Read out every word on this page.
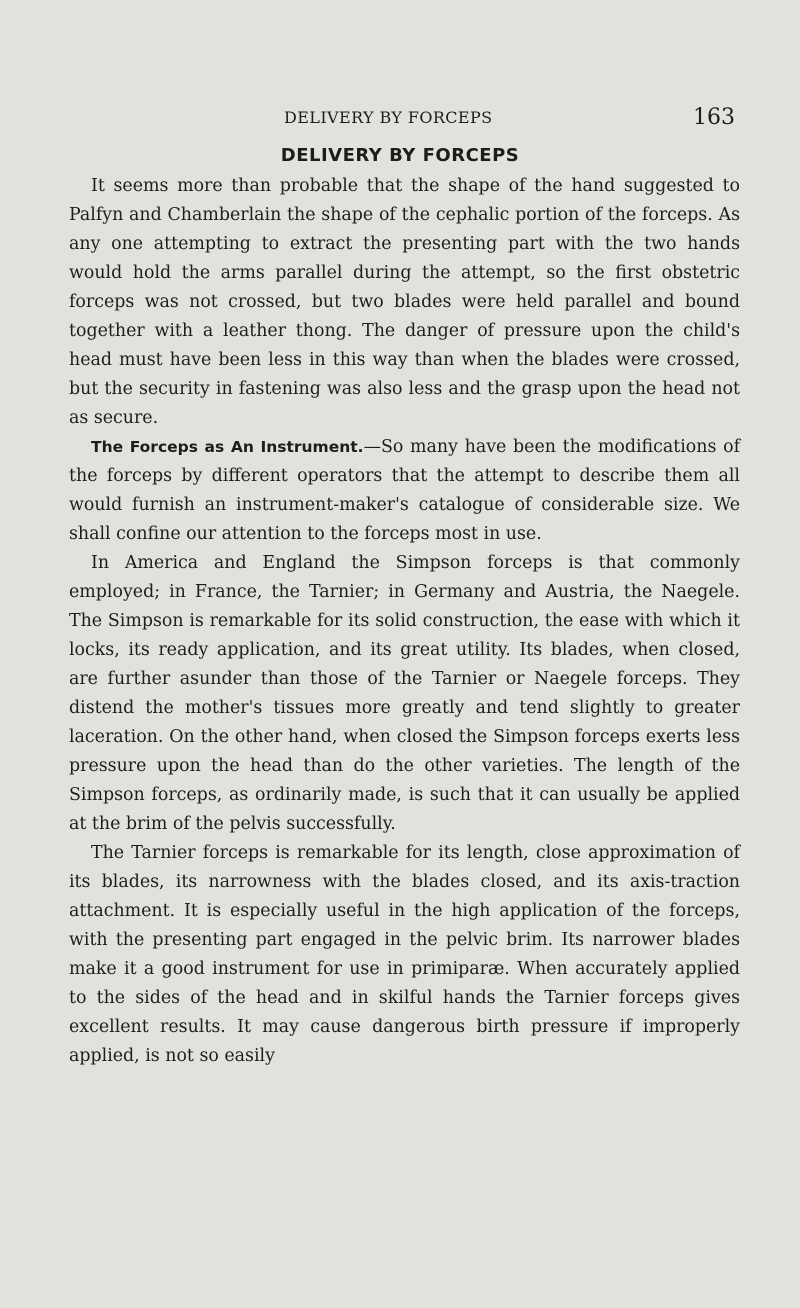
DELIVERY BY FORCEPS	163
DELIVERY BY FORCEPS

It seems more than probable that the shape of the hand suggested to Palfyn and Chamberlain the shape of the cephalic portion of the forceps. As any one attempting to extract the presenting part with the two hands would hold the arms parallel during the attempt, so the first obstetric forceps was not crossed, but two blades were held parallel and bound together with a leather thong. The danger of pressure upon the child's head must have been less in this way than when the blades were crossed, but the security in fastening was also less and the grasp upon the head not as secure.

The Forceps as An Instrument.—So many have been the modifications of the forceps by different operators that the attempt to describe them all would furnish an instrument-maker's catalogue of considerable size. We shall confine our attention to the forceps most in use.

In America and England the Simpson forceps is that commonly employed; in France, the Tarnier; in Germany and Austria, the Naegele. The Simpson is remarkable for its solid construction, the ease with which it locks, its ready application, and its great utility. Its blades, when closed, are further asunder than those of the Tarnier or Naegele forceps. They distend the mother's tissues more greatly and tend slightly to greater laceration. On the other hand, when closed the Simpson forceps exerts less pressure upon the head than do the other varieties. The length of the Simpson forceps, as ordinarily made, is such that it can usually be applied at the brim of the pelvis successfully.

The Tarnier forceps is remarkable for its length, close approximation of its blades, its narrowness with the blades closed, and its axis-traction attachment. It is especially useful in the high application of the forceps, with the presenting part engaged in the pelvic brim. Its narrower blades make it a good instrument for use in primiparæ. When accurately applied to the sides of the head and in skilful hands the Tarnier forceps gives excellent results. It may cause dangerous birth pressure if improperly applied, is not so easily
